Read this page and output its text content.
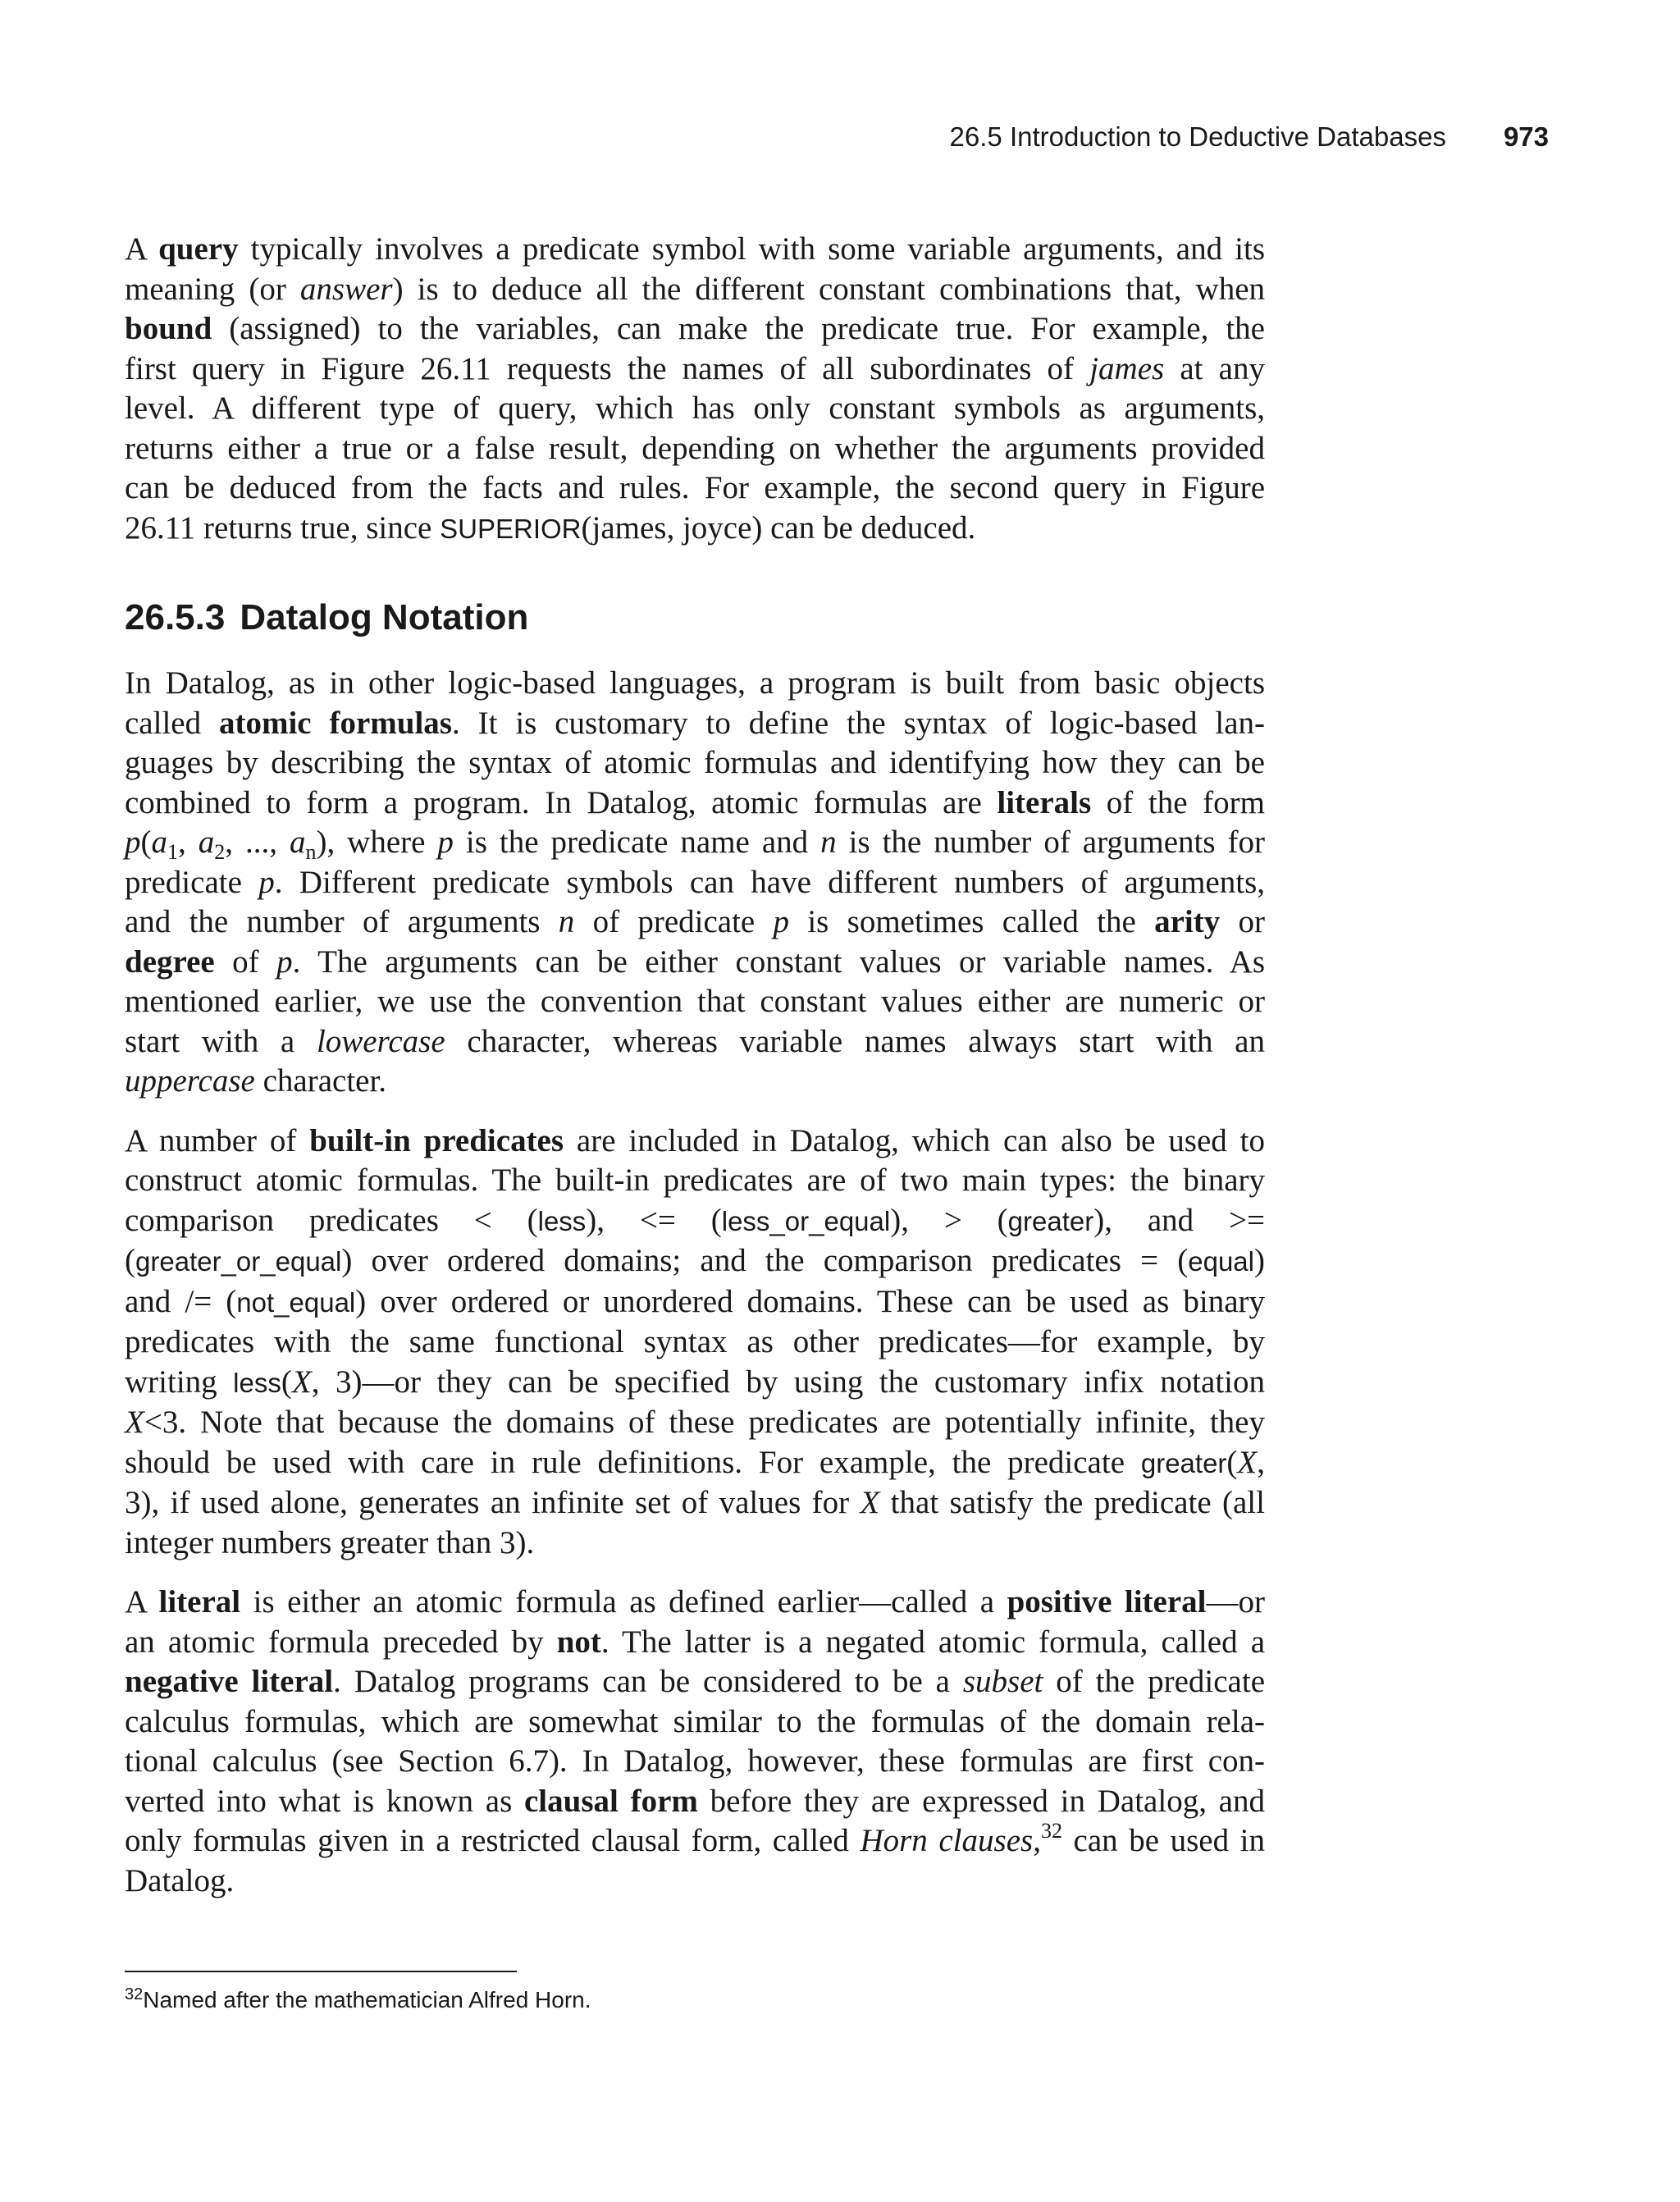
26.5 Introduction to Deductive Databases 973
A query typically involves a predicate symbol with some variable arguments, and its
meaning (or answer) is to deduce all the different constant combinations that, when
bound (assigned) to the variables, can make the predicate true. For example, the
first query in Figure 26.11 requests the names of all subordinates of james at any
level. A different type of query, which has only constant symbols as arguments,
returns either a true or a false result, depending on whether the arguments provided
can be deduced from the facts and rules. For example, the second query in Figure
26.11 returns true, since SUPERIOR(james, joyce) can be deduced.
26.5.3 Datalog Notation
In Datalog, as in other logic-based languages, a program is built from basic objects
called atomic formulas. It is customary to define the syntax of logic-based lan-
guages by describing the syntax of atomic formulas and identifying how they can be
combined to form a program. In Datalog, atomic formulas are literals of the form
$p(a_1$, $a_2$, ..., $a_n$), where p is the predicate name and n is the number of arguments for
predicate p. Different predicate symbols can have different numbers of arguments,
and the number of arguments n of predicate p is sometimes called the arity or
degree of p. The arguments can be either constant values or variable names. As
mentioned earlier, we use the convention that constant values either are numeric or
start with a lowercase character, whereas variable names always start with an
uppercase character.
A number of built-in predicates are included in Datalog, which can also be used to
construct atomic formulas. The built-in predicates are of two main types: the binary
comparison predicates < (less), <= (less_or_equal), > (greater), and >=
(greater_or_equal) over ordered domains; and the comparison predicates = (equal)
and /= (not_equal) over ordered or unordered domains. These can be used as binary
predicates with the same functional syntax as other predicates—for example, by
writing less(X, 3)—or they can be specified by using the customary infix notation
X<3. Note that because the domains of these predicates are potentially infinite, they
should be used with care in rule definitions. For example, the predicate greater(X,
3), if used alone, generates an infinite set of values for X that satisfy the predicate (all
integer numbers greater than 3).
A literal is either an atomic formula as defined earlier—called a positive literal—or
an atomic formula preceded by not. The latter is a negated atomic formula, called a
negative literal. Datalog programs can be considered to be a subset of the predicate
calculus formulas, which are somewhat similar to the formulas of the domain rela-
tional calculus (see Section 6.7). In Datalog, however, these formulas are first con-
verted into what is known as clausal form before they are expressed in Datalog, and
only formulas given in a restricted clausal form, called Horn clauses,$^{32}$ can be used in
Datalog.
$^{32}$Named after the mathematician Alfred Horn.
